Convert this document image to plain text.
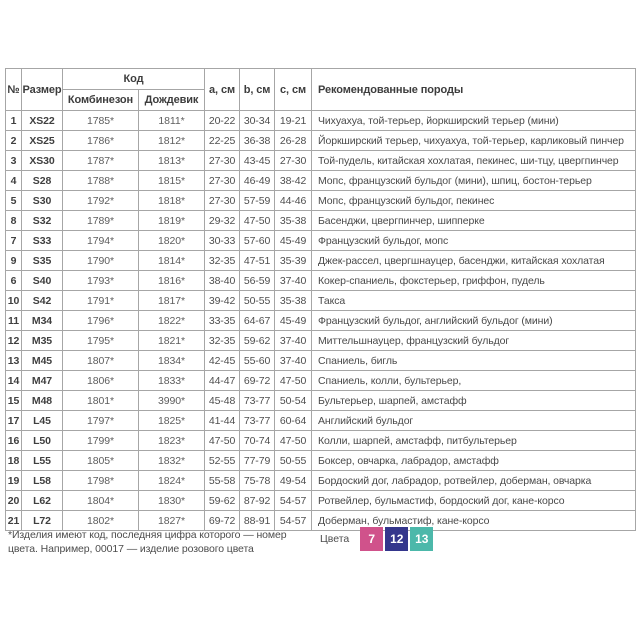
№	Размер	Код		а, см	b, см	с, см	Рекомендованные породы
		Комбинезон	Дождевик				
1	XS22	1785*	1811*	20-22	30-34	19-21	Чихуахуа, той-терьер, йоркширский терьер (мини)
2	XS25	1786*	1812*	22-25	36-38	26-28	Йоркширский терьер, чихуахуа, той-терьер, карликовый пинчер
3	XS30	1787*	1813*	27-30	43-45	27-30	Той-пудель, китайская хохлатая, пекинес, ши-тцу, цвергпинчер
4	S28	1788*	1815*	27-30	46-49	38-42	Мопс, французский бульдог (мини), шпиц, бостон-терьер
5	S30	1792*	1818*	27-30	57-59	44-46	Мопс, французский бульдог, пекинес
8	S32	1789*	1819*	29-32	47-50	35-38	Басенджи, цвергпинчер, шипперке
7	S33	1794*	1820*	30-33	57-60	45-49	Французский бульдог, мопс
9	S35	1790*	1814*	32-35	47-51	35-39	Джек-рассел, цвергшнауцер, басенджи, китайская хохлатая
6	S40	1793*	1816*	38-40	56-59	37-40	Кокер-спаниель, фокстерьер, гриффон, пудель
10	S42	1791*	1817*	39-42	50-55	35-38	Такса
11	M34	1796*	1822*	33-35	64-67	45-49	Французский бульдог, английский бульдог (мини)
12	M35	1795*	1821*	32-35	59-62	37-40	Миттельшнауцер, французский бульдог
13	M45	1807*	1834*	42-45	55-60	37-40	Спаниель, бигль
14	M47	1806*	1833*	44-47	69-72	47-50	Спаниель, колли, бультерьер,
15	M48	1801*	3990*	45-48	73-77	50-54	Бультерьер, шарпей, амстафф
17	L45	1797*	1825*	41-44	73-77	60-64	Английский бульдог
16	L50	1799*	1823*	47-50	70-74	47-50	Колли, шарпей, амстафф, питбультерьер
18	L55	1805*	1832*	52-55	77-79	50-55	Боксер, овчарка, лабрадор, амстафф
19	L58	1798*	1824*	55-58	75-78	49-54	Бордоский дог, лабрадор, ротвейлер, доберман, овчарка
20	L62	1804*	1830*	59-62	87-92	54-57	Ротвейлер, бульмастиф, бордоский дог, кане-корсо
21	L72	1802*	1827*	69-72	88-91	54-57	Доберман, бульмастиф, кане-корсо
*Изделия имеют код, последняя цифра которого — номер
цвета. Например, 00017 — изделие розового цвета
Цвета 7 12 13
